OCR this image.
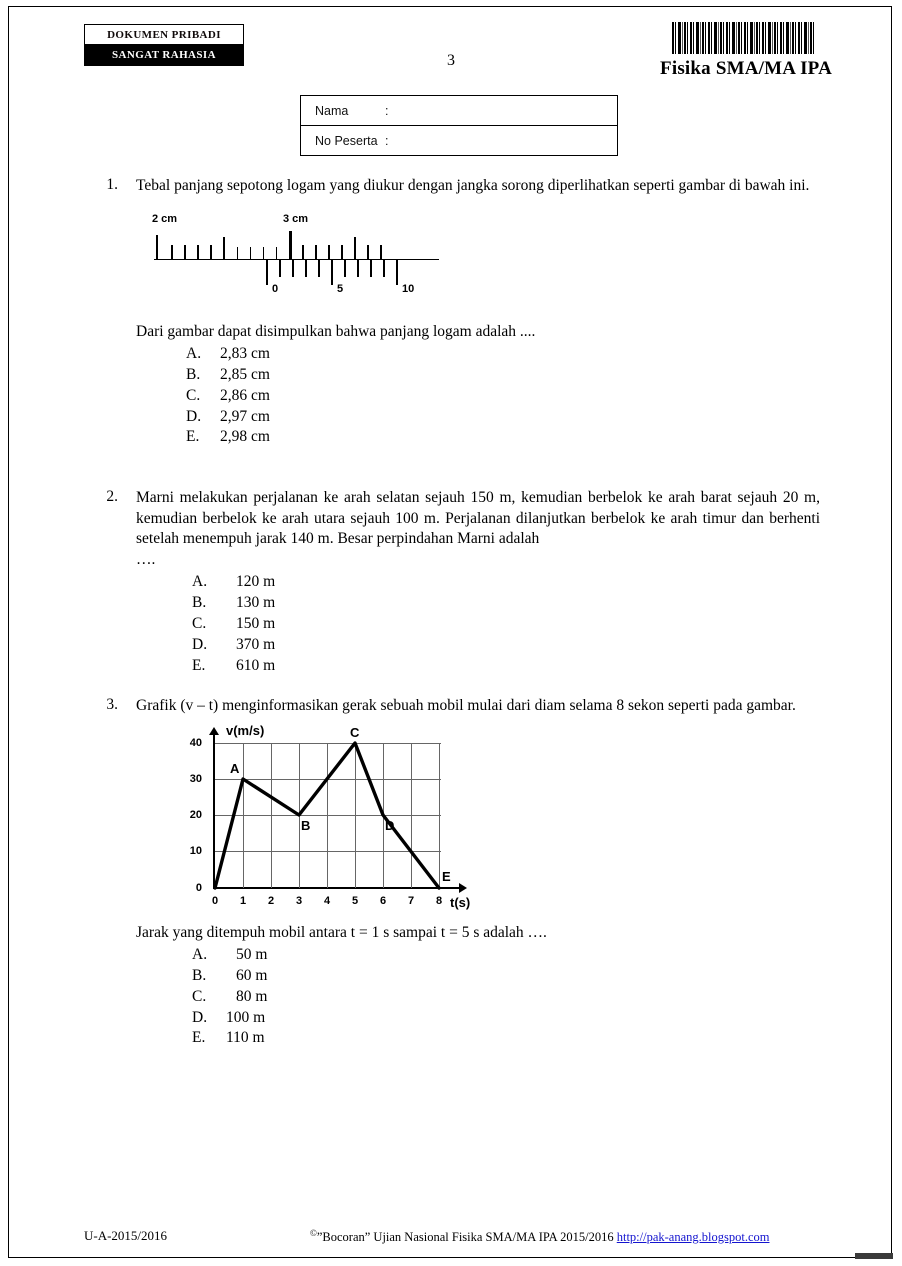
DOKUMEN PRIBADI
SANGAT RAHASIA	3	Fisika SMA/MA IPA
Nama	:
No Peserta :
1. Tebal panjang sepotong logam yang diukur dengan jangka sorong diperlihatkan seperti gambar di bawah ini.
2 cm	3 cm
0	5	10
Dari gambar dapat disimpulkan bahwa panjang logam adalah ....
A.	2,83 cm
B.	2,85 cm
C.	2,86 cm
D.	2,97 cm
E.	2,98 cm
2. Marni melakukan perjalanan ke arah selatan sejauh 150 m, kemudian berbelok ke arah barat sejauh 20 m, kemudian berbelok ke arah utara sejauh 100 m. Perjalanan dilanjutkan berbelok ke arah timur dan berhenti setelah menempuh jarak 140 m. Besar perpindahan Marni adalah
….
A.	120 m
B.	130 m
C.	150 m
D.	370 m
E.	610 m
3. Grafik (v – t) menginformasikan gerak sebuah mobil mulai dari diam selama 8 sekon seperti pada gambar.
v(m/s)
t(s)
0
10
20
30
40
0	1	2	3	4	5	6	7	8
A
B
C
D
E
Jarak yang ditempuh mobil antara t = 1 s sampai t = 5 s adalah ….
A.	50 m
B.	60 m
C.	80 m
D.	100 m
E.	110 m
U-A-2015/2016	©”Bocoran” Ujian Nasional Fisika SMA/MA IPA 2015/2016 http://pak-anang.blogspot.com
